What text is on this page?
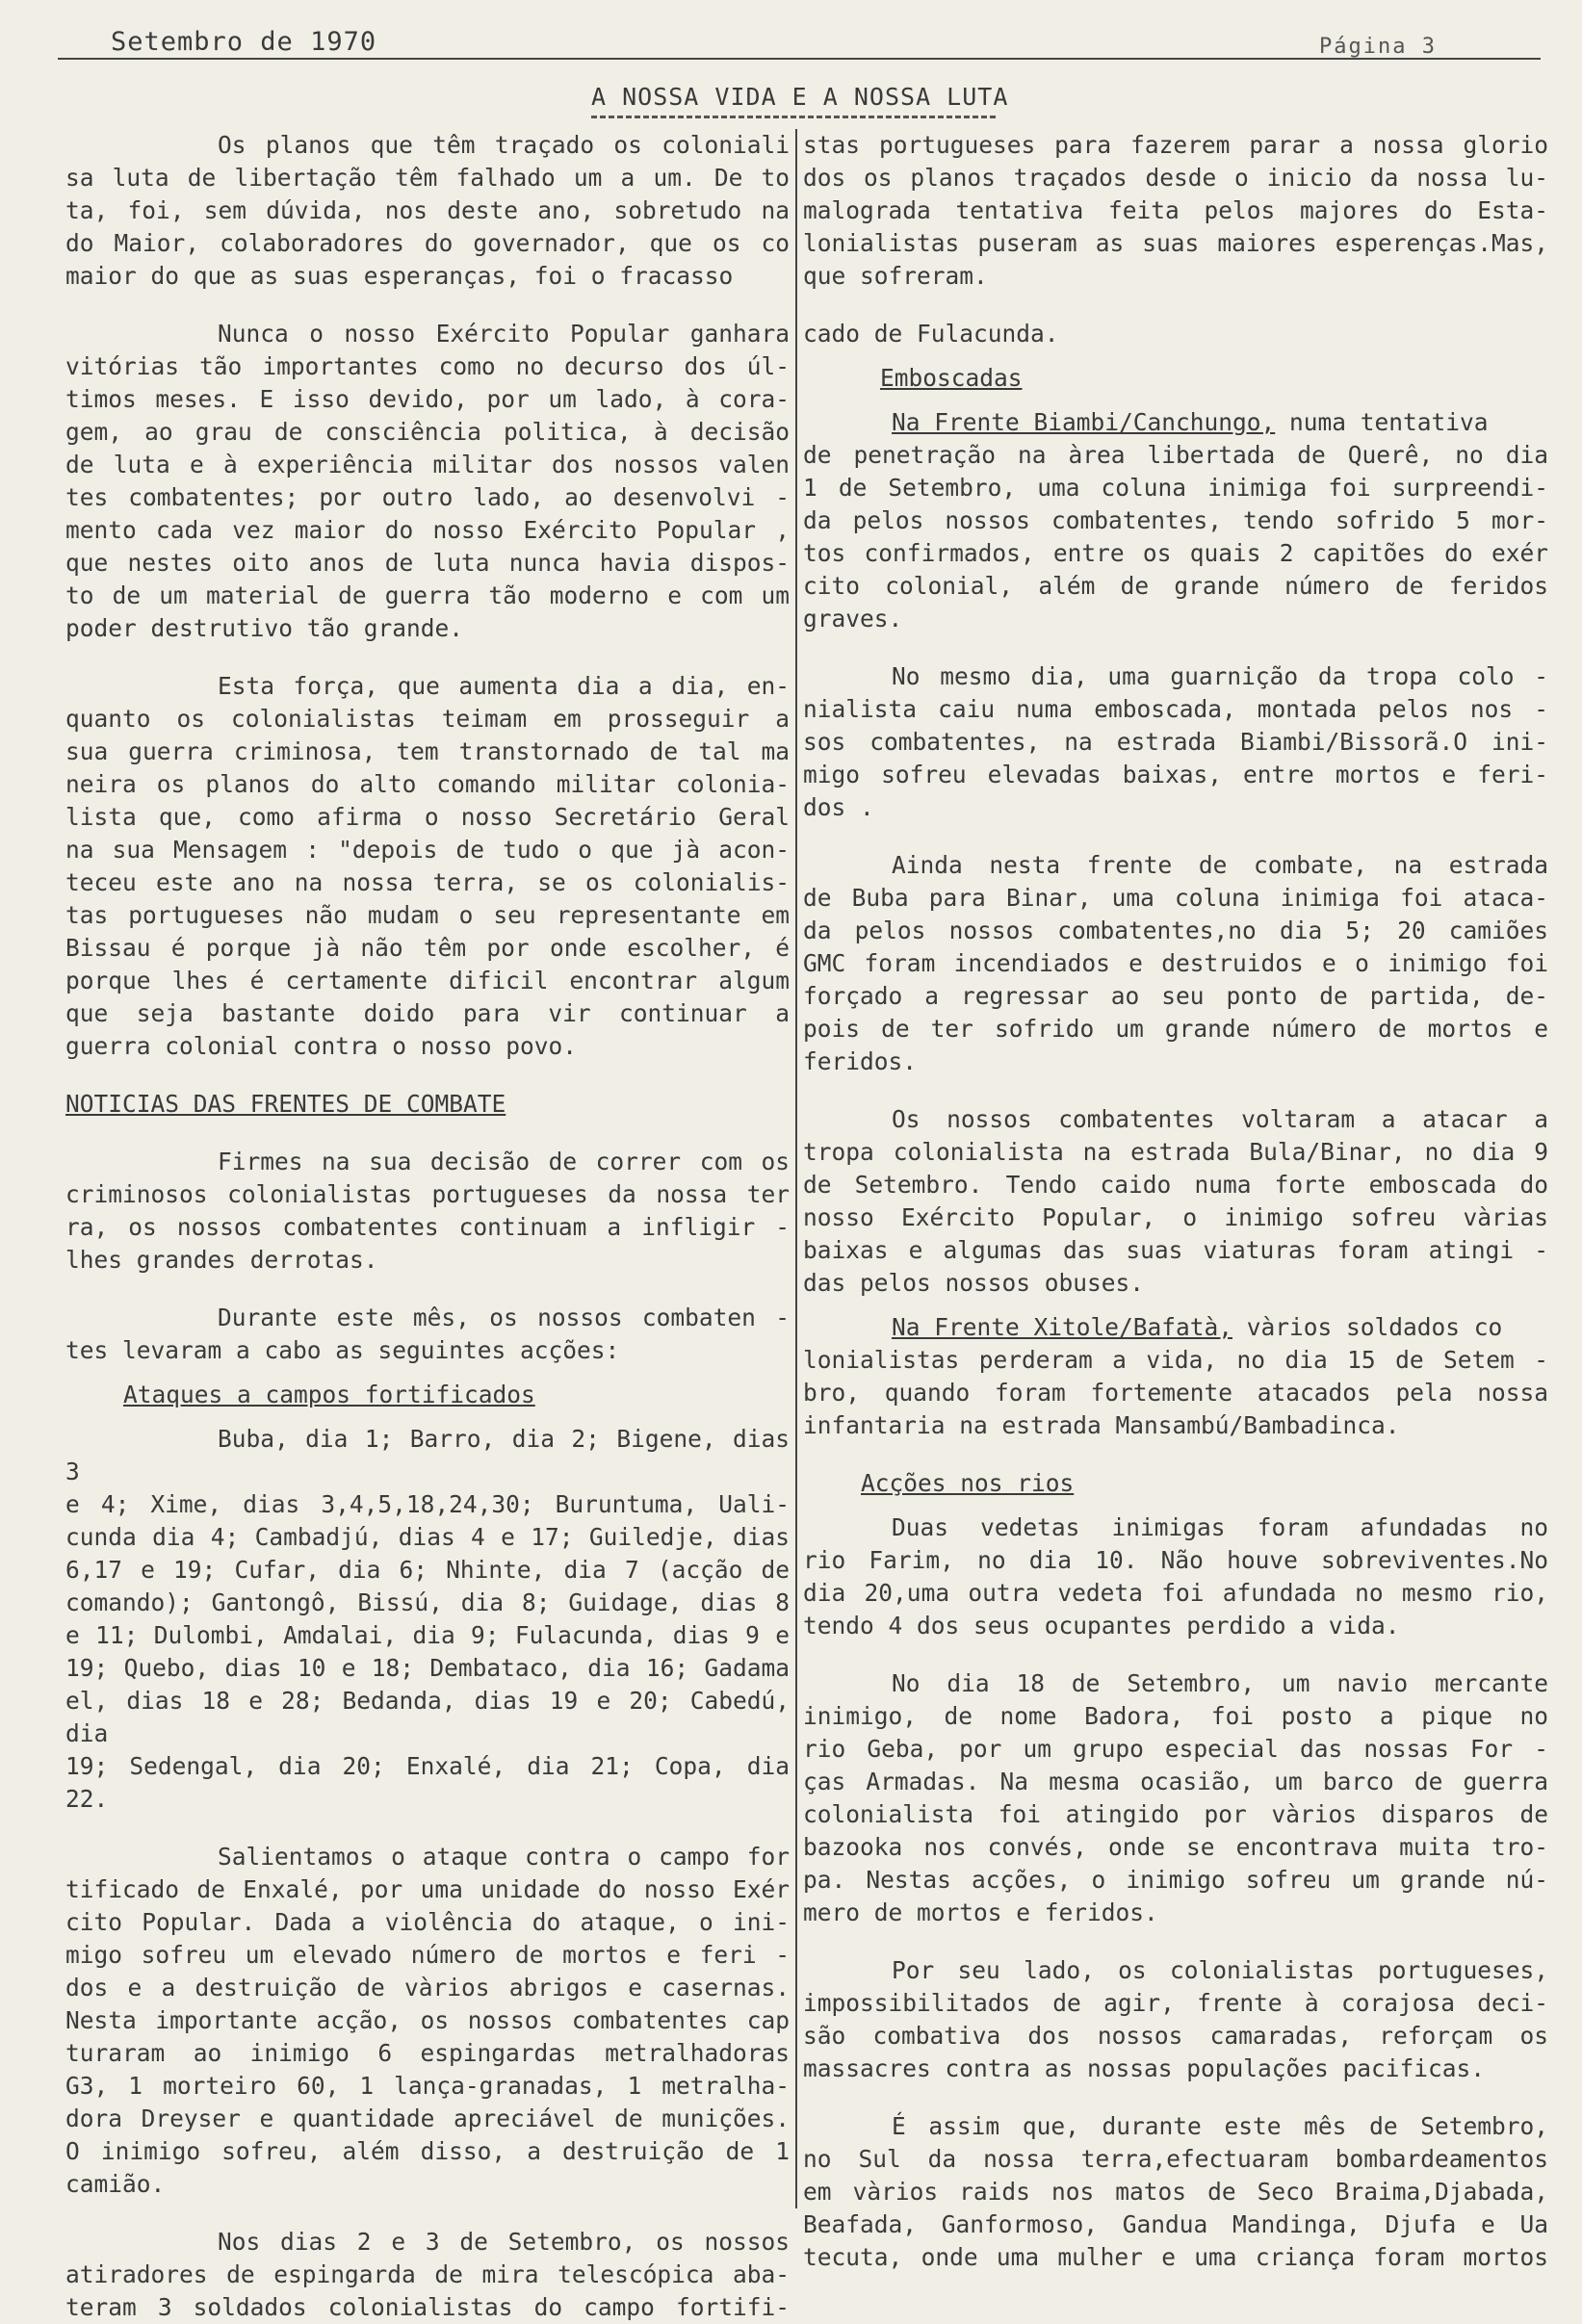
Setembro de 1970	Página 3
A NOSSA VIDA E A NOSSA LUTA

Os planos que têm traçado os coloniali

sa luta de libertação têm falhado um a um. De to

ta, foi, sem dúvida, nos deste ano, sobretudo na

do Maior, colaboradores do governador, que os co

maior do que as suas esperanças, foi o fracasso

Nunca o nosso Exército Popular ganhara

vitórias tão importantes como no decurso dos úl-

timos meses. E isso devido, por um lado, à cora-

gem, ao grau de consciência politica, à decisão

de luta e à experiência militar dos nossos valen

tes combatentes; por outro lado, ao desenvolvi -

mento cada vez maior do nosso Exército Popular ,

que nestes oito anos de luta nunca havia dispos-

to de um material de guerra tão moderno e com um

poder destrutivo tão grande.

Esta força, que aumenta dia a dia, en-

quanto os colonialistas teimam em prosseguir a

sua guerra criminosa, tem transtornado de tal ma

neira os planos do alto comando militar colonia-

lista que, como afirma o nosso Secretário Geral

na sua Mensagem : "depois de tudo o que jà acon-

teceu este ano na nossa terra, se os colonialis-

tas portugueses não mudam o seu representante em

Bissau é porque jà não têm por onde escolher, é

porque lhes é certamente dificil encontrar algum

que seja bastante doido para vir continuar a

guerra colonial contra o nosso povo.

NOTICIAS DAS FRENTES DE COMBATE

Firmes na sua decisão de correr com os

criminosos colonialistas portugueses da nossa ter

ra, os nossos combatentes continuam a infligir -

lhes grandes derrotas.

Durante este mês, os nossos combaten -

tes levaram a cabo as seguintes acções:

Ataques a campos fortificados

Buba, dia 1; Barro, dia 2; Bigene, dias 3

e 4; Xime, dias 3,4,5,18,24,30; Buruntuma, Uali-

cunda dia 4; Cambadjú, dias 4 e 17; Guiledje, dias

6,17 e 19; Cufar, dia 6; Nhinte, dia 7 (acção de

comando); Gantongô, Bissú, dia 8; Guidage, dias 8

e 11; Dulombi, Amdalai, dia 9; Fulacunda, dias 9 e

19; Quebo, dias 10 e 18; Dembataco, dia 16; Gadama

el, dias 18 e 28; Bedanda, dias 19 e 20; Cabedú, dia

19; Sedengal, dia 20; Enxalé, dia 21; Copa, dia 22.

Salientamos o ataque contra o campo for

tificado de Enxalé, por uma unidade do nosso Exér

cito Popular. Dada a violência do ataque, o ini-

migo sofreu um elevado número de mortos e feri -

dos e a destruição de vàrios abrigos e casernas.

Nesta importante acção, os nossos combatentes cap

turaram ao inimigo 6 espingardas metralhadoras

G3, 1 morteiro 60, 1 lança-granadas, 1 metralha-

dora Dreyser e quantidade apreciável de munições.

O inimigo sofreu, além disso, a destruição de 1

camião.

Nos dias 2 e 3 de Setembro, os nossos

atiradores de espingarda de mira telescópica aba-

teram 3 soldados colonialistas do campo fortifi-

stas portugueses para fazerem parar a nossa glorio

dos os planos traçados desde o inicio da nossa lu-

malograda tentativa feita pelos majores do Esta-

lonialistas puseram as suas maiores esperenças.Mas,

que sofreram.

cado de Fulacunda.

Emboscadas

Na Frente Biambi/Canchungo, numa tentativa

de penetração na àrea libertada de Querê, no dia

1 de Setembro, uma coluna inimiga foi surpreendi-

da pelos nossos combatentes, tendo sofrido 5 mor-

tos confirmados, entre os quais 2 capitões do exér

cito colonial, além de grande número de feridos

graves.

No mesmo dia, uma guarnição da tropa colo -

nialista caiu numa emboscada, montada pelos nos -

sos combatentes, na estrada Biambi/Bissorã.O ini-

migo sofreu elevadas baixas, entre mortos e feri-

dos .

Ainda nesta frente de combate, na estrada

de Buba para Binar, uma coluna inimiga foi ataca-

da pelos nossos combatentes,no dia 5; 20 camiões

GMC foram incendiados e destruidos e o inimigo foi

forçado a regressar ao seu ponto de partida, de-

pois de ter sofrido um grande número de mortos e

feridos.

Os nossos combatentes voltaram a atacar a

tropa colonialista na estrada Bula/Binar, no dia 9

de Setembro. Tendo caido numa forte emboscada do

nosso Exército Popular, o inimigo sofreu vàrias

baixas e algumas das suas viaturas foram atingi -

das pelos nossos obuses.

Na Frente Xitole/Bafatà, vàrios soldados co

lonialistas perderam a vida, no dia 15 de Setem -

bro, quando foram fortemente atacados pela nossa

infantaria na estrada Mansambú/Bambadinca.

Acções nos rios

Duas vedetas inimigas foram afundadas no

rio Farim, no dia 10. Não houve sobreviventes.No

dia 20,uma outra vedeta foi afundada no mesmo rio,

tendo 4 dos seus ocupantes perdido a vida.

No dia 18 de Setembro, um navio mercante

inimigo, de nome Badora, foi posto a pique no

rio Geba, por um grupo especial das nossas For -

ças Armadas. Na mesma ocasião, um barco de guerra

colonialista foi atingido por vàrios disparos de

bazooka nos convés, onde se encontrava muita tro-

pa. Nestas acções, o inimigo sofreu um grande nú-

mero de mortos e feridos.

Por seu lado, os colonialistas portugueses,

impossibilitados de agir, frente à corajosa deci-

são combativa dos nossos camaradas, reforçam os

massacres contra as nossas populações pacificas.

É assim que, durante este mês de Setembro,

no Sul da nossa terra,efectuaram bombardeamentos

em vàrios raids nos matos de Seco Braima,Djabada,

Beafada, Ganformoso, Gandua Mandinga, Djufa e Ua

tecuta, onde uma mulher e uma criança foram mortos
